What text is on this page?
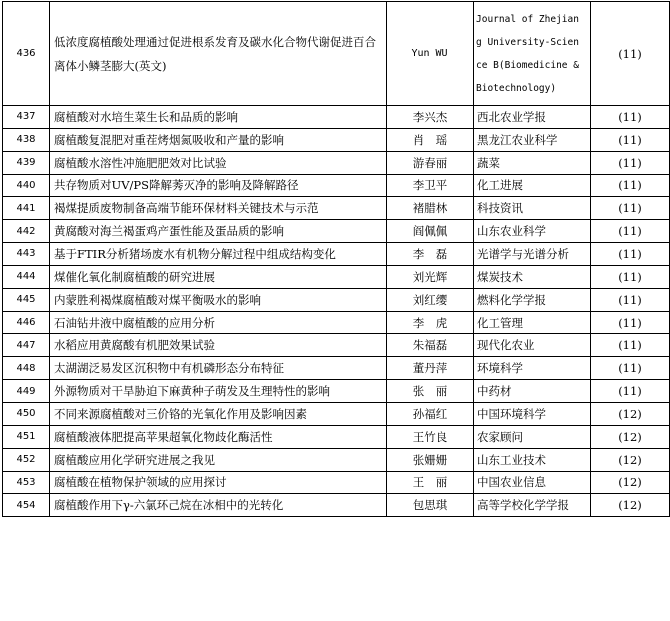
436	低浓度腐植酸处理通过促进根系发育及碳水化合物代谢促进百合离体小鳞茎膨大(英文)	Yun WU	Journal of Zhejian
g University-Scien
ce B(Biomedicine &
Biotechnology)	(11)
437	腐植酸对水培生菜生长和品质的影响	李兴杰	西北农业学报	(11)
438	腐植酸复混肥对重茬烤烟氮吸收和产量的影响	肖　瑶	黑龙江农业科学	(11)
439	腐植酸水溶性冲施肥肥效对比试验	游春丽	蔬菜	(11)
440	共存物质对UV/PS降解莠灭净的影响及降解路径	李卫平	化工进展	(11)
441	褐煤提质废物制备高端节能环保材料关键技术与示范	褚腊林	科技资讯	(11)
442	黄腐酸对海兰褐蛋鸡产蛋性能及蛋品质的影响	阎佩佩	山东农业科学	(11)
443	基于FTIR分析猪场废水有机物分解过程中组成结构变化	李　磊	光谱学与光谱分析	(11)
444	煤催化氧化制腐植酸的研究进展	刘光辉	煤炭技术	(11)
445	内蒙胜利褐煤腐植酸对煤平衡吸水的影响	刘红缨	燃料化学学报	(11)
446	石油钻井液中腐植酸的应用分析	李　虎	化工管理	(11)
447	水稻应用黄腐酸有机肥效果试验	朱福磊	现代化农业	(11)
448	太湖湖泛易发区沉积物中有机磷形态分布特征	董丹萍	环境科学	(11)
449	外源物质对干旱胁迫下麻黄种子萌发及生理特性的影响	张　丽	中药材	(11)
450	不同来源腐植酸对三价铬的光氧化作用及影响因素	孙福红	中国环境科学	(12)
451	腐植酸液体肥提高苹果超氧化物歧化酶活性	王竹良	农家顾问	(12)
452	腐植酸应用化学研究进展之我见	张姗姗	山东工业技术	(12)
453	腐植酸在植物保护领域的应用探讨	王　丽	中国农业信息	(12)
454	腐植酸作用下γ-六氯环己烷在冰相中的光转化	包思琪	高等学校化学学报	(12)
